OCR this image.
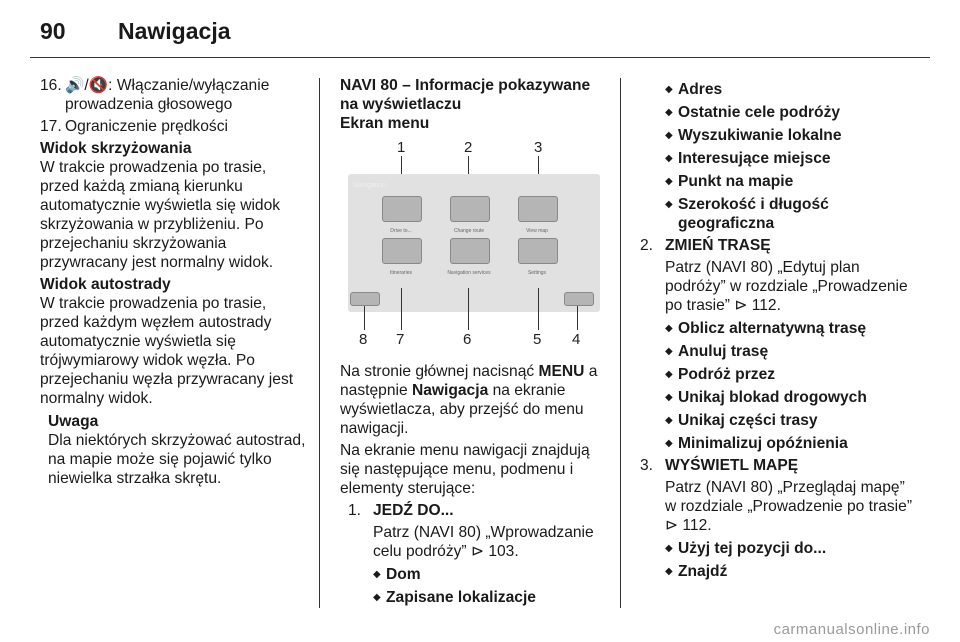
90	Nawigacja
16. 🔊/🔇: Włączanie/wyłączanie prowadzenia głosowego
17. Ograniczenie prędkości
Widok skrzyżowania
W trakcie prowadzenia po trasie, przed każdą zmianą kierunku automatycznie wyświetla się widok skrzyżowania w przybliżeniu. Po przejechaniu skrzyżowania przywracany jest normalny widok.
Widok autostrady
W trakcie prowadzenia po trasie, przed każdym węzłem autostrady automatycznie wyświetla się trójwymiarowy widok węzła. Po przejechaniu węzła przywracany jest normalny widok.
Uwaga
Dla niektórych skrzyżować autostrad, na mapie może się pojawić tylko niewielka strzałka skrętu.
NAVI 80 – Informacje pokazywane na wyświetlaczu
Ekran menu
1	2	3
Navigation
Drive to...	Change route	View map
Itineraries	Navigation services	Settings
8 7	6	5 4
Na stronie głównej nacisnąć MENU a następnie Nawigacja na ekranie wyświetlacza, aby przejść do menu nawigacji.
Na ekranie menu nawigacji znajdują się następujące menu, podmenu i elementy sterujące:
1. JEDŹ DO...
Patrz (NAVI 80) „Wprowadzanie celu podróży” ⊳ 103.
◆ Dom
◆ Zapisane lokalizacje
◆ Adres
◆ Ostatnie cele podróży
◆ Wyszukiwanie lokalne
◆ Interesujące miejsce
◆ Punkt na mapie
◆ Szerokość i długość geograficzna
2. ZMIEŃ TRASĘ
Patrz (NAVI 80) „Edytuj plan podróży” w rozdziale „Prowadzenie po trasie” ⊳ 112.
◆ Oblicz alternatywną trasę
◆ Anuluj trasę
◆ Podróż przez
◆ Unikaj blokad drogowych
◆ Unikaj części trasy
◆ Minimalizuj opóźnienia
3. WYŚWIETL MAPĘ
Patrz (NAVI 80) „Przeglądaj mapę” w rozdziale „Prowadzenie po trasie” ⊳ 112.
◆ Użyj tej pozycji do...
◆ Znajdź
carmanualsonline.info
